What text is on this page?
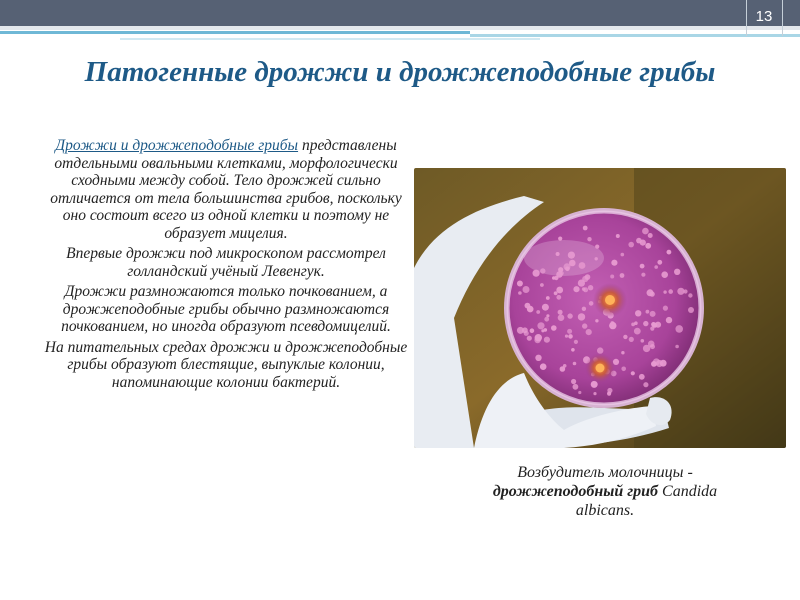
13
Патогенные дрожжи и дрожжеподобные грибы

Дрожжи и дрожжеподобные грибы представлены отдельными овальными клетками, морфологически сходными между собой. Тело дрожжей сильно отличается от тела большинства грибов, поскольку оно состоит всего из одной клетки и поэтому не образует мицелия.

Впервые дрожжи под микроскопом рассмотрел голландский учёный Левенгук.

Дрожжи размножаются только почкованием, а дрожжеподобные грибы обычно размножаются почкованием, но иногда образуют псевдомицелий.

На питательных средах дрожжи и дрожжеподобные грибы образуют блестящие, выпуклые колонии, напоминающие колонии бактерий.

Возбудитель молочницы - дрожжеподобный гриб Candida albicans.
